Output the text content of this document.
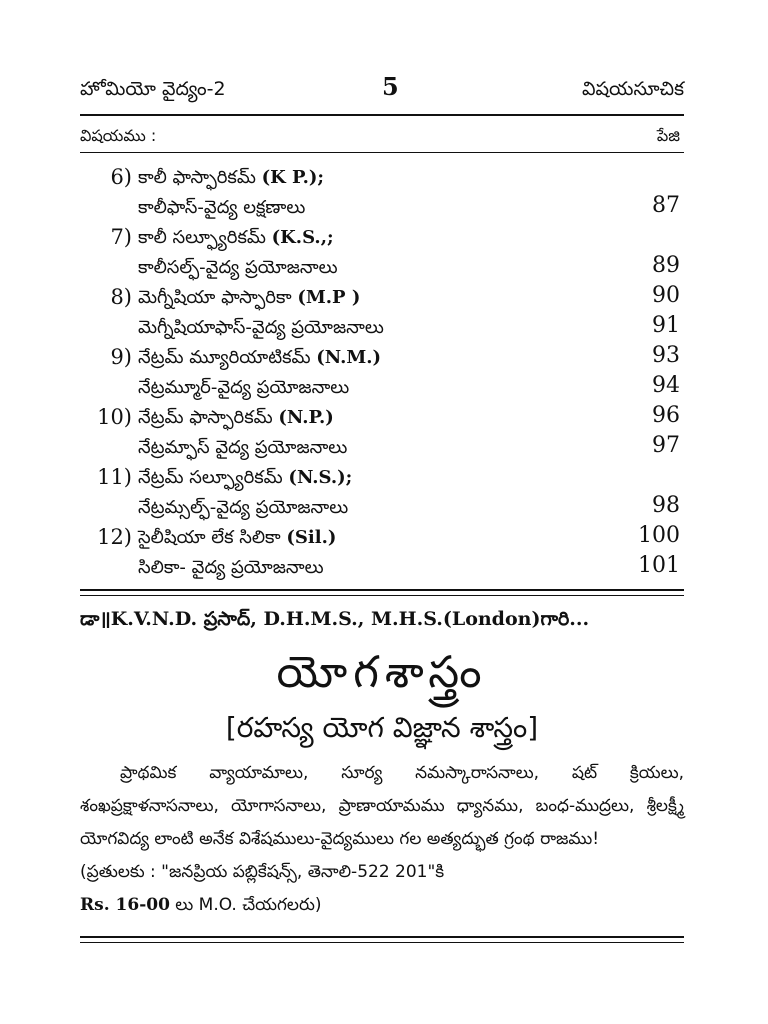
హోమియో వైద్యం-2	5	విషయసూచిక
విషయము :	పేజి
6) కాలీ ఫాస్ఫారికమ్ (K P.);
కాలీఫాస్-వైద్య లక్షణాలు	87
7) కాలీ సల్ఫ్యూరికమ్ (K.S.,;
కాలీసల్ఫ్-వైద్య ప్రయోజనాలు	89
8) మెగ్నీషియా ఫాస్ఫారికా (M.P )	90
మెగ్నీషియాఫాస్-వైద్య ప్రయోజనాలు	91
9) నేట్రమ్ మ్యూరియాటికమ్ (N.M.)	93
నేట్రమ్మూర్-వైద్య ప్రయోజనాలు	94
10) నేట్రమ్ ఫాస్ఫారికమ్ (N.P.)	96
నేట్రమ్ఫాస్ వైద్య ప్రయోజనాలు	97
11) నేట్రమ్ సల్ఫ్యూరికమ్ (N.S.);
నేట్రమ్సల్ఫ్-వైద్య ప్రయోజనాలు	98
12) సైలీషియా లేక సిలికా (Sil.)	100
సిలికా- వైద్య ప్రయోజనాలు	101
డా॥K.V.N.D. ప్రసాద్, D.H.M.S., M.H.S.(London)గారి...
యోగశాస్త్రం
[రహస్య యోగ విజ్ఞాన శాస్త్రం]
ప్రాథమిక వ్యాయామాలు, సూర్య నమస్కారాసనాలు, షట్ క్రియలు, శంఖప్రక్షాళనాసనాలు, యోగాసనాలు, ప్రాణాయామము ధ్యానము, బంధ-ముద్రలు, శ్రీలక్ష్మీ యోగవిద్య లాంటి అనేక విశేషములు-వైద్యములు గల అత్యద్భుత గ్రంథ రాజము!
(ప్రతులకు : "జనప్రియ పబ్లికేషన్స్, తెనాలి-522 201"కి
Rs. 16-00 లు M.O. చేయగలరు)
